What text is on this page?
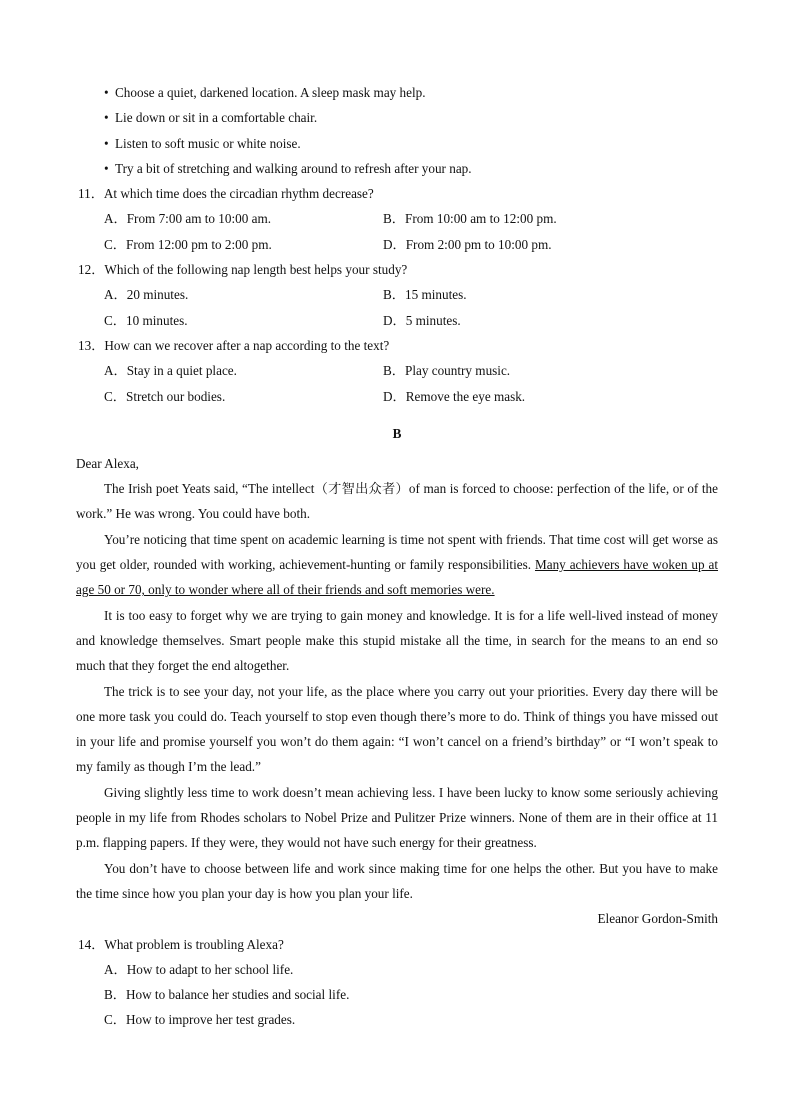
• Choose a quiet, darkened location. A sleep mask may help.
• Lie down or sit in a comfortable chair.
• Listen to soft music or white noise.
• Try a bit of stretching and walking around to refresh after your nap.
11．At which time does the circadian rhythm decrease?
A．From 7:00 am to 10:00 am.	B．From 10:00 am to 12:00 pm.
C．From 12:00 pm to 2:00 pm.	D．From 2:00 pm to 10:00 pm.
12．Which of the following nap length best helps your study?
A．20 minutes.	B．15 minutes.
C．10 minutes.	D．5 minutes.
13．How can we recover after a nap according to the text?
A．Stay in a quiet place.	B．Play country music.
C．Stretch our bodies.	D．Remove the eye mask.
B
Dear Alexa,

The Irish poet Yeats said, “The intellect（才智出众者）of man is forced to choose: perfection of the life, or of the work.” He was wrong. You could have both.

You’re noticing that time spent on academic learning is time not spent with friends. That time cost will get worse as you get older, rounded with working, achievement-hunting or family responsibilities. Many achievers have woken up at age 50 or 70, only to wonder where all of their friends and soft memories were.

It is too easy to forget why we are trying to gain money and knowledge. It is for a life well-lived instead of money and knowledge themselves. Smart people make this stupid mistake all the time, in search for the means to an end so much that they forget the end altogether.

The trick is to see your day, not your life, as the place where you carry out your priorities. Every day there will be one more task you could do. Teach yourself to stop even though there’s more to do. Think of things you have missed out in your life and promise yourself you won’t do them again: “I won’t cancel on a friend’s birthday” or “I won’t speak to my family as though I’m the lead.”

Giving slightly less time to work doesn’t mean achieving less. I have been lucky to know some seriously achieving people in my life from Rhodes scholars to Nobel Prize and Pulitzer Prize winners. None of them are in their office at 11 p.m. flapping papers. If they were, they would not have such energy for their greatness.

You don’t have to choose between life and work since making time for one helps the other. But you have to make the time since how you plan your day is how you plan your life.

Eleanor Gordon-Smith
14．What problem is troubling Alexa?
A．How to adapt to her school life.
B．How to balance her studies and social life.
C．How to improve her test grades.
